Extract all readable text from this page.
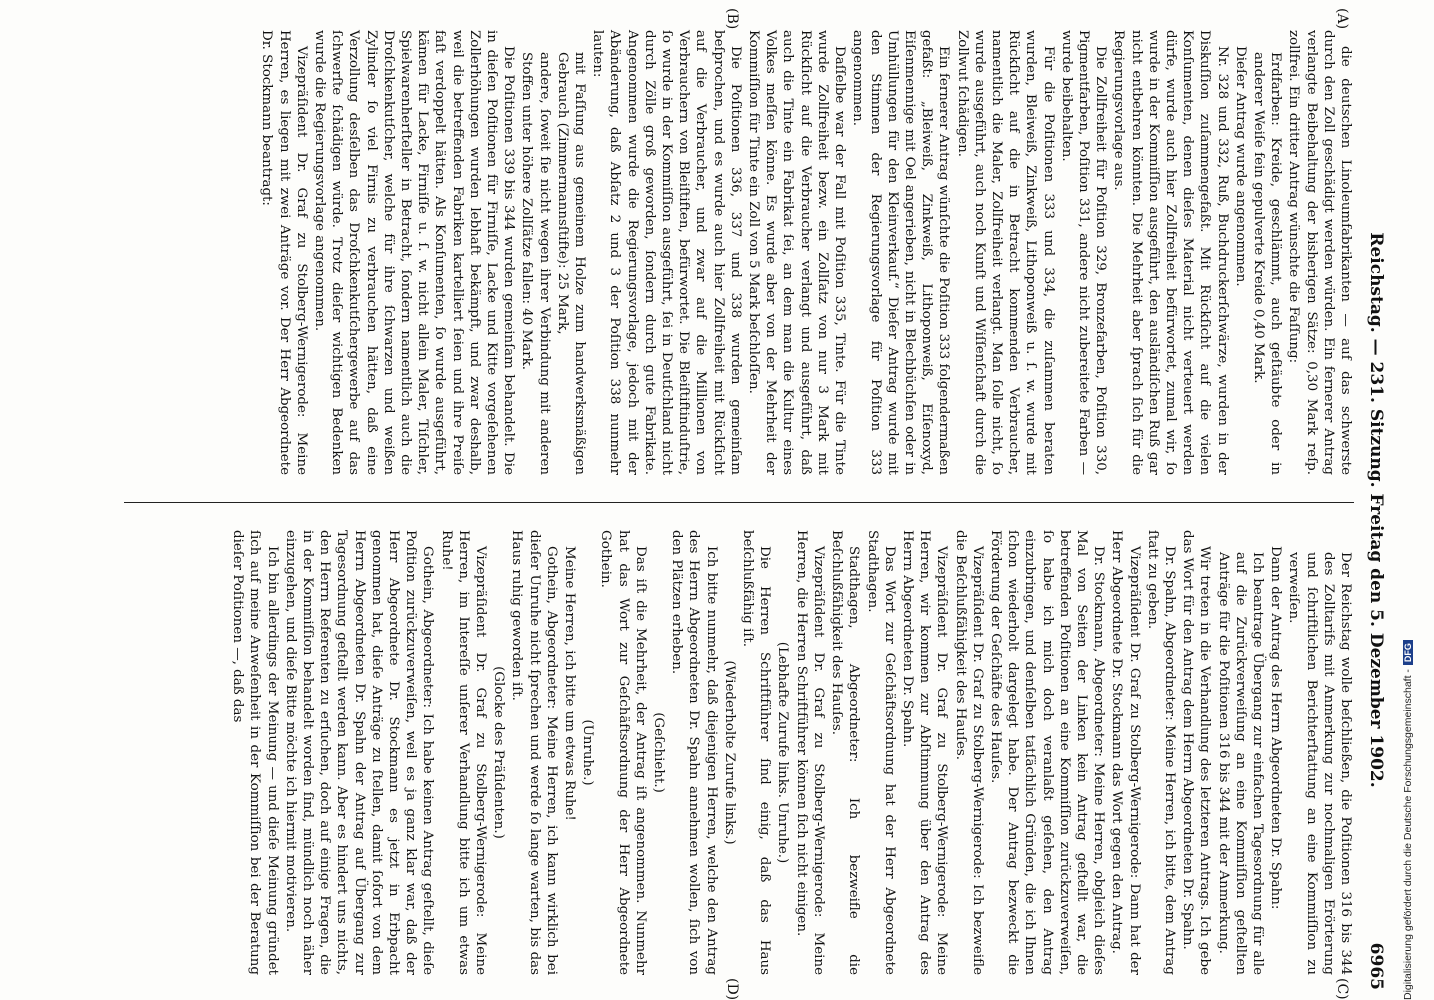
Reichstag. — 231. Sitzung. Freitag den 5. Dezember 1902.
6965
(A)
(B)
(C)
(D)

die deutschen Linoleumfabrikanten — auf das schwerste durch den Zoll geschädigt werden würden. Ein fernerer Antrag verlangte Beibehaltung der bisherigen Sätze: 0,30 Mark reſp. zollfrei. Ein dritter Antrag wünschte die Faſſung:

Erdfarben: Kreide, geschlämmt, auch geſtäubte oder in anderer Weiſe fein gepulverte Kreide 0,40 Mark.

Dieſer Antrag wurde angenommen.

Nr. 328 und 332, Ruß, Buchdruckerſchwärze, wurden in der Diskuſſion zuſammengefaßt. Mit Rückſicht auf die vielen Konſumenten, denen dieſes Material nicht verteuert werden dürfe, wurde auch hier Zollfreiheit befürwortet, zumal wir, ſo wurde in der Kommiſſion ausgeführt, den ausländiſchen Ruß gar nicht entbehren könnten. Die Mehrheit aber ſprach ſich für die Regierungsvorlage aus.

Die Zollfreiheit für Poſition 329, Bronzefarben, Poſition 330, Pigmentfarben, Poſition 331, andere nicht zubereitete Farben — wurde beibehalten.

Für die Poſitionen 333 und 334, die zuſammen beraten wurden, Bleiweiß, Zinkweiß, Lithoponweiß u. ſ. w. wurde mit Rückſicht auf die in Betracht kommenden Verbraucher, namentlich die Maler, Zollfreiheit verlangt. Man ſolle nicht, ſo wurde ausgeführt, auch noch Kunſt und Wiſſenſchaft durch die Zollwut ſchädigen.

Ein fernerer Antrag wünſchte die Poſition 333 folgendermaßen gefaßt: „Bleiweiß, Zinkweiß, Lithoponweiß, Eiſenoxyd, Eiſenmennige mit Oel angerieben, nicht in Blechbüchſen oder in Umhüllungen für den Kleinverkauf.“ Dieſer Antrag wurde mit den Stimmen der Regierungsvorlage für Poſition 333 angenommen.

Daſſelbe war der Fall mit Poſition 335, Tinte. Für die Tinte wurde Zollfreiheit bezw. ein Zollſatz von nur 3 Mark mit Rückſicht auf die Verbraucher verlangt und ausgeführt, daß auch die Tinte ein Fabrikat ſei, an dem man die Kultur eines Volkes meſſen könne. Es wurde aber von der Mehrheit der Kommiſſion für Tinte ein Zoll von 5 Mark beſchloſſen.

Die Poſitionen 336, 337 und 338 wurden gemeinſam beſprochen, und es wurde auch hier Zollfreiheit mit Rückſicht auf die Verbraucher, und zwar auf die Millionen von Verbrauchern von Bleiſtiften, befürwortet. Die Bleiſtiftinduſtrie, ſo wurde in der Kommiſſion ausgeführt, ſei in Deutſchland nicht durch Zölle groß geworden, ſondern durch gute Fabrikate. Angenommen wurde die Regierungsvorlage, jedoch mit der Abänderung, daß Abſatz 2 und 3 der Poſition 338 nunmehr lauten:

mit Faſſung aus gemeinem Holze zum handwerksmäßigen Gebrauch (Zimmermannsſtifte): 25 Mark,

andere, ſoweit ſie nicht wegen ihrer Verbindung mit anderen Stoffen unter höhere Zollſätze fallen: 40 Mark.

Die Poſitionen 339 bis 344 wurden gemeinſam behandelt. Die in dieſen Poſitionen für Firniſſe, Lacke und Kitte vorgeſehenen Zollerhöhungen wurden lebhaft bekämpft, und zwar deshalb, weil die betreffenden Fabriken kartelliert ſeien und ihre Preiſe faſt verdoppelt hätten. Als Konſumenten, ſo wurde ausgeführt, kämen für Lacke, Firniſſe u. ſ. w. nicht allein Maler, Tiſchler, Spielwarenherſteller in Betracht, ſondern namentlich auch die Droſchkenkutſcher, welche für ihre ſchwarzen und weißen Zylinder ſo viel Firnis zu verbrauchen hätten, daß eine Verzollung desſelben das Droſchkenkutſchergewerbe auf das ſchwerſte ſchädigen würde. Trotz dieſer wichtigen Bedenken wurde die Regierungsvorlage angenommen.

Vizepräſident Dr. Graf zu Stolberg-Wernigerode: Meine Herren, es liegen mit zwei Anträge vor. Der Herr Abgeordnete Dr. Stockmann beantragt:

Der Reichstag wolle beſchließen, die Poſitionen 316 bis 344 des Zolltarifs mit Anmerkung zur nochmaligen Erörterung und ſchriftlichen Berichterſtattung an eine Kommiſſion zu verweiſen.

Dann der Antrag des Herrn Abgeordneten Dr. Spahn:

Ich beantrage Übergang zur einfachen Tagesordnung für alle auf die Zurückverweiſung an eine Kommiſſion geſtellten Anträge für die Poſitionen 316 bis 344 mit der Anmerkung.

Wir treten in die Verhandlung des letzteren Antrags. Ich gebe das Wort für den Antrag dem Herrn Abgeordneten Dr. Spahn.

Dr. Spahn, Abgeordneter: Meine Herren, ich bitte, dem Antrag ſtatt zu geben.

Vizepräſident Dr. Graf zu Stolberg-Wernigerode: Dann hat der Herr Abgeordnete Dr. Stockmann das Wort gegen den Antrag.

Dr. Stockmann, Abgeordneter: Meine Herren, obgleich dieſes Mal von Seiten der Linken kein Antrag geſtellt war, die betreffenden Poſitionen an eine Kommiſſion zurückzuverweiſen, ſo habe ich mich doch veranlaßt geſehen, den Antrag einzubringen, und denſelben tatſächlich Gründen, die ich Ihnen ſchon wiederholt dargelegt habe. Der Antrag bezweckt die Förderung der Geſchäfte des Hauſes.

Vizepräſident Dr. Graf zu Stolberg-Wernigerode: Ich bezweifle die Beſchlußfähigkeit des Hauſes.

Vizepräſident Dr. Graf zu Stolberg-Wernigerode: Meine Herren, wir kommen zur Abſtimmung über den Antrag des Herrn Abgeordneten Dr. Spahn.

Das Wort zur Geſchäftsordnung hat der Herr Abgeordnete Stadthagen.

Stadthagen, Abgeordneter: Ich bezweifle die Beſchlußfähigkeit des Hauſes.

Vizepräſident Dr. Graf zu Stolberg-Wernigerode: Meine Herren, die Herren Schriftführer können ſich nicht einigen.

(Lebhafte Zurufe links. Unruhe.)

Die Herren Schriftführer ſind einig, daß das Haus beſchlußfähig iſt.

(Wiederholte Zurufe links.)

Ich bitte nunmehr, daß diejenigen Herren, welche den Antrag des Herrn Abgeordneten Dr. Spahn annehmen wollen, ſich von den Plätzen erheben.

(Geſchieht.)

Das iſt die Mehrheit, der Antrag iſt angenommen. Nunmehr hat das Wort zur Geſchäftsordnung der Herr Abgeordnete Gothein.

(Unruhe.)

Meine Herren, ich bitte um etwas Ruhe!

Gothein, Abgeordneter: Meine Herren, ich kann wirklich bei dieſer Unruhe nicht ſprechen und werde ſo lange warten, bis das Haus ruhig geworden iſt.

(Glocke des Präſidenten.)

Vizepräſident Dr. Graf zu Stolberg-Wernigerode: Meine Herren, im Intereſſe unſerer Verhandlung bitte ich um etwas Ruhe!

Gothein, Abgeordneter: Ich habe keinen Antrag geſtellt, dieſe Poſition zurückzuverweiſen, weil es ja ganz klar war, daß der Herr Abgeordnete Dr. Stockmann es jetzt in Erbpacht genommen hat, dieſe Anträge zu ſtellen, damit ſofort von dem Herrn Abgeordneten Dr. Spahn der Antrag auf Übergang zur Tagesordnung geſtellt werden kann. Aber es hindert uns nichts, den Herrn Referenten zu erſuchen, doch auf einige Fragen, die in der Kommiſſion behandelt worden ſind, mündlich noch näher einzugehen, und dieſe Bitte möchte ich hiermit motivieren.

Ich bin allerdings der Meinung — und dieſe Meinung gründet ſich auf meine Anweſenheit in der Kommiſſion bei der Beratung dieſer Poſitionen —, daß das

Digitalisierung gefördert durch die Deutsche Forschungsgemeinschaft -DFG
